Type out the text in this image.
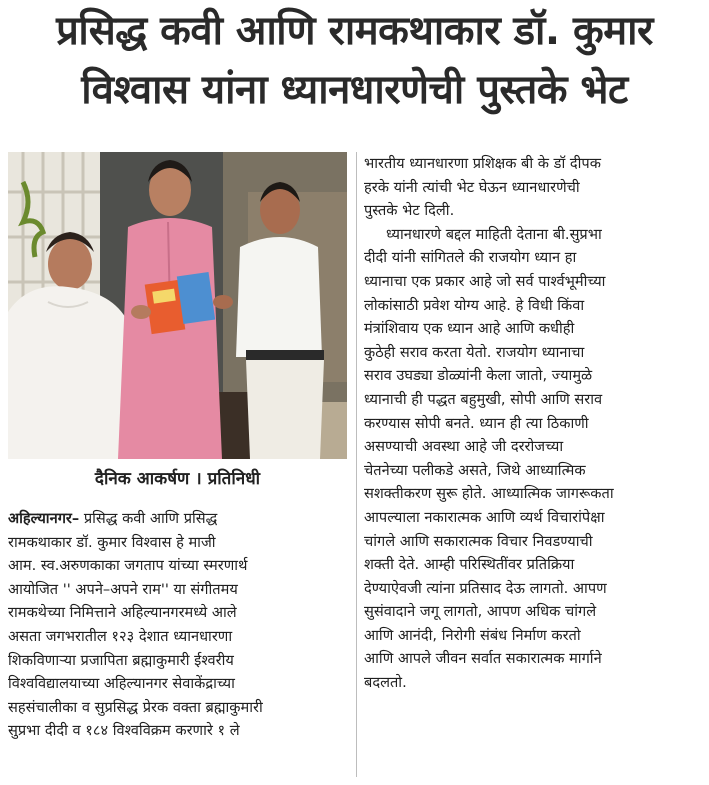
प्रसिद्ध कवी आणि रामकथाकार डॉ. कुमार
विश्वास यांना ध्यानधारणेची पुस्तके भेट
दैनिक आकर्षण । प्रतिनिधी
अहिल्यानगर– प्रसिद्ध कवी आणि प्रसिद्ध
रामकथाकार डॉ. कुमार विश्वास हे माजी
आम. स्व.अरुणकाका जगताप यांच्या स्मरणार्थ
आयोजित '' अपने–अपने राम'' या संगीतमय
रामकथेच्या निमित्ताने अहिल्यानगरमध्ये आले
असता जगभरातील १२३ देशात ध्यानधारणा
शिकविणाऱ्या प्रजापिता ब्रह्माकुमारी ईश्वरीय
विश्वविद्यालयाच्या अहिल्यानगर सेवाकेंद्राच्या
सहसंचालीका व सुप्रसिद्ध प्रेरक वक्ता ब्रह्माकुमारी
सुप्रभा दीदी व १८४ विश्वविक्रम करणारे १ ले
भारतीय ध्यानधारणा प्रशिक्षक बी के डॉ दीपक
हरके यांनी त्यांची भेट घेऊन ध्यानधारणेची
पुस्तके भेट दिली.
ध्यानधारणे बद्दल माहिती देताना बी.सुप्रभा
दीदी यांनी सांगितले की राजयोग ध्यान हा
ध्यानाचा एक प्रकार आहे जो सर्व पार्श्वभूमीच्या
लोकांसाठी प्रवेश योग्य आहे. हे विधी किंवा
मंत्रांशिवाय एक ध्यान आहे आणि कधीही
कुठेही सराव करता येतो. राजयोग ध्यानाचा
सराव उघड्या डोळ्यांनी केला जातो, ज्यामुळे
ध्यानाची ही पद्धत बहुमुखी, सोपी आणि सराव
करण्यास सोपी बनते. ध्यान ही त्या ठिकाणी
असण्याची अवस्था आहे जी दररोजच्या
चेतनेच्या पलीकडे असते, जिथे आध्यात्मिक
सशक्तीकरण सुरू होते. आध्यात्मिक जागरूकता
आपल्याला नकारात्मक आणि व्यर्थ विचारांपेक्षा
चांगले आणि सकारात्मक विचार निवडण्याची
शक्ती देते. आम्ही परिस्थितींवर प्रतिक्रिया
देण्याऐवजी त्यांना प्रतिसाद देऊ लागतो. आपण
सुसंवादाने जगू लागतो, आपण अधिक चांगले
आणि आनंदी, निरोगी संबंध निर्माण करतो
आणि आपले जीवन सर्वात सकारात्मक मार्गाने
बदलतो.
